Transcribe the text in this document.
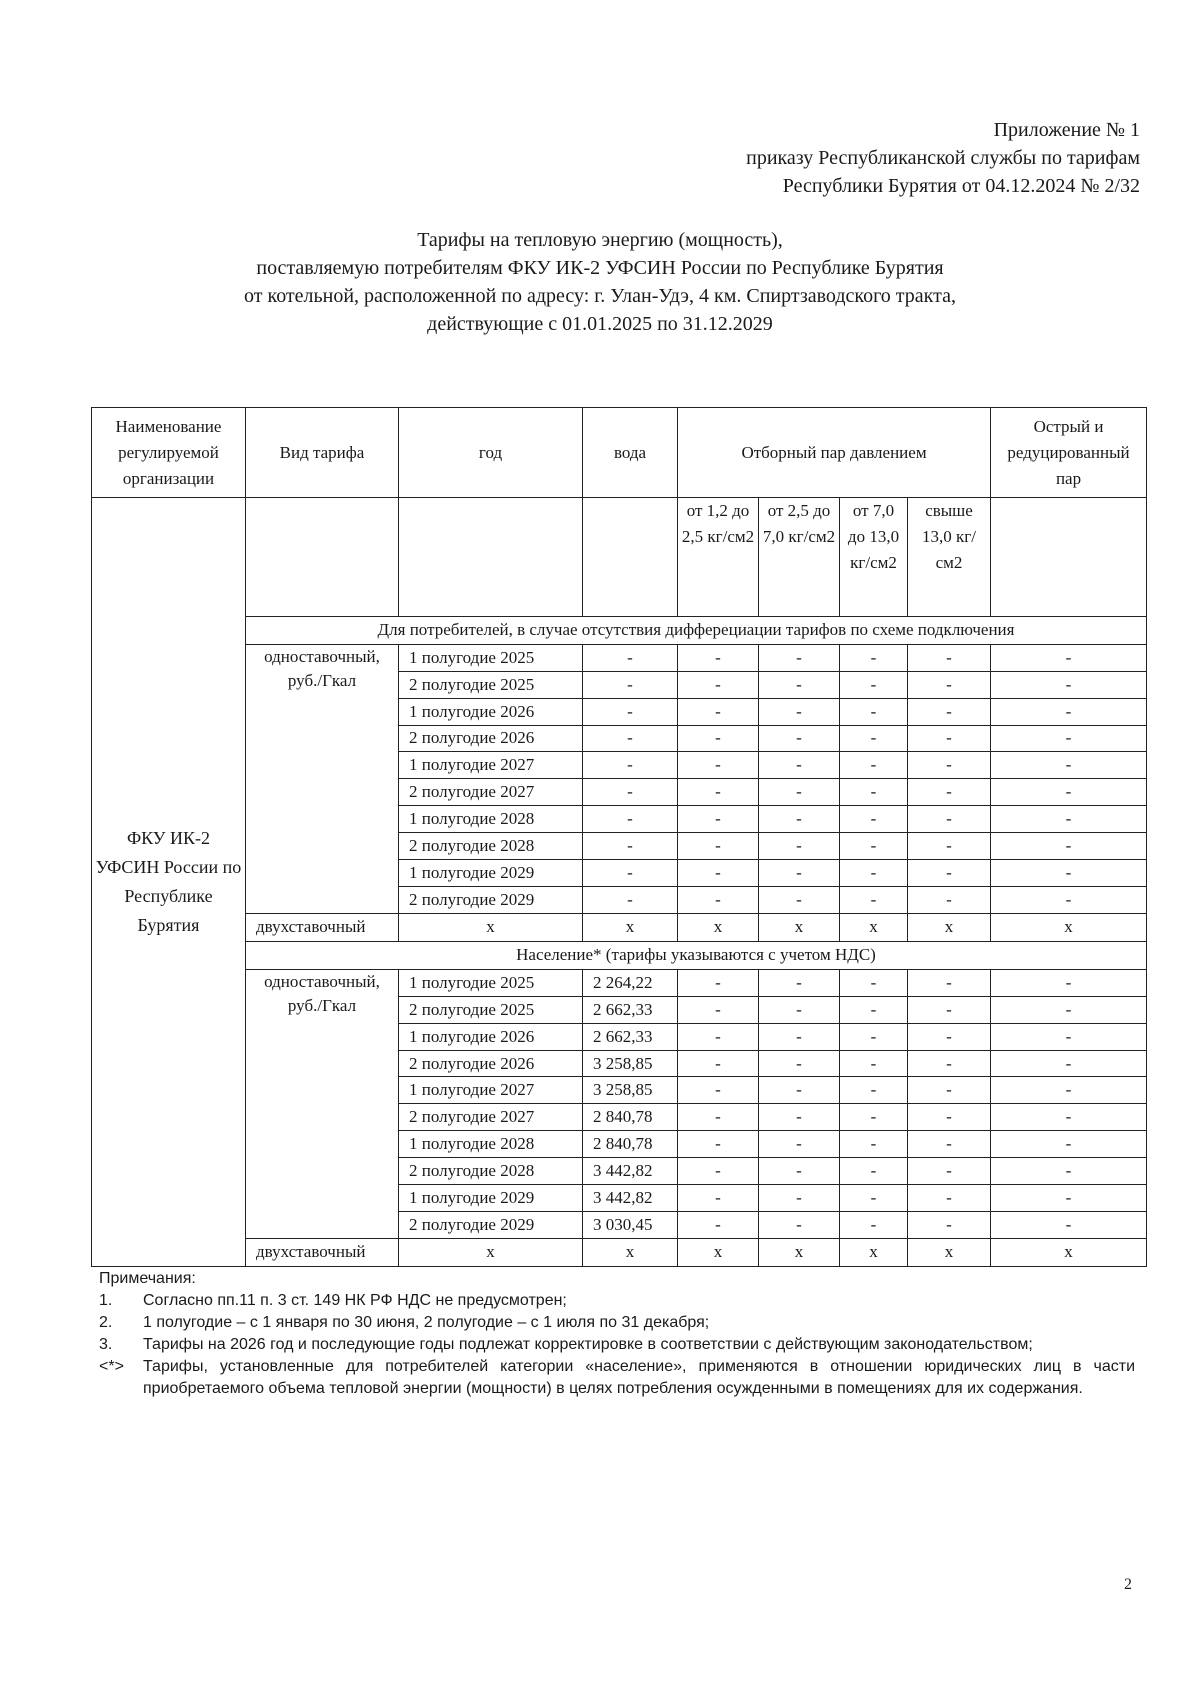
Приложение № 1
приказу Республиканской службы по тарифам
Республики Бурятия от 04.12.2024 № 2/32
Тарифы на тепловую энергию (мощность),
поставляемую потребителям ФКУ ИК-2 УФСИН России по Республике Бурятия
от котельной, расположенной по адресу: г. Улан-Удэ, 4 км. Спиртзаводского тракта,
действующие с 01.01.2025 по 31.12.2029
Наименование регулируемой организации	Вид тарифа	год	вода	Отборный пар давлением				Острый и редуцированный пар
ФКУ ИК-2 УФСИН России по Республике Бурятия				от 1,2 до 2,5 кг/см2	от 2,5 до 7,0 кг/см2	от 7,0 до 13,0 кг/см2	свыше 13,0 кг/см2	
	Для потребителей, в случае отсутствия дифферециации тарифов по схеме подключения							
	одноставочный, руб./Гкал	1 полугодие 2025	-	-	-	-	-	-
		2 полугодие 2025	-	-	-	-	-	-
		1 полугодие 2026	-	-	-	-	-	-
		2 полугодие 2026	-	-	-	-	-	-
		1 полугодие 2027	-	-	-	-	-	-
		2 полугодие 2027	-	-	-	-	-	-
		1 полугодие 2028	-	-	-	-	-	-
		2 полугодие 2028	-	-	-	-	-	-
		1 полугодие 2029	-	-	-	-	-	-
		2 полугодие 2029	-	-	-	-	-	-
	двухставочный	х	х	х	х	х	х	х
	Население* (тарифы указываются с учетом НДС)							
	одноставочный, руб./Гкал	1 полугодие 2025	2 264,22	-	-	-	-	-
		2 полугодие 2025	2 662,33	-	-	-	-	-
		1 полугодие 2026	2 662,33	-	-	-	-	-
		2 полугодие 2026	3 258,85	-	-	-	-	-
		1 полугодие 2027	3 258,85	-	-	-	-	-
		2 полугодие 2027	2 840,78	-	-	-	-	-
		1 полугодие 2028	2 840,78	-	-	-	-	-
		2 полугодие 2028	3 442,82	-	-	-	-	-
		1 полугодие 2029	3 442,82	-	-	-	-	-
		2 полугодие 2029	3 030,45	-	-	-	-	-
	двухставочный	х	х	х	х	х	х	х
Примечания:
1.	Согласно пп.11 п. 3 ст. 149 НК РФ НДС не предусмотрен;
2.	1 полугодие – с 1 января по 30 июня, 2 полугодие – с 1 июля по 31 декабря;
3.	Тарифы на 2026 год и последующие годы подлежат корректировке в соответствии с действующим законодательством;
<*>	Тарифы, установленные для потребителей категории «население», применяются в отношении юридических лиц в части приобретаемого объема тепловой энергии (мощности) в целях потребления осужденными в помещениях для их содержания.
2
